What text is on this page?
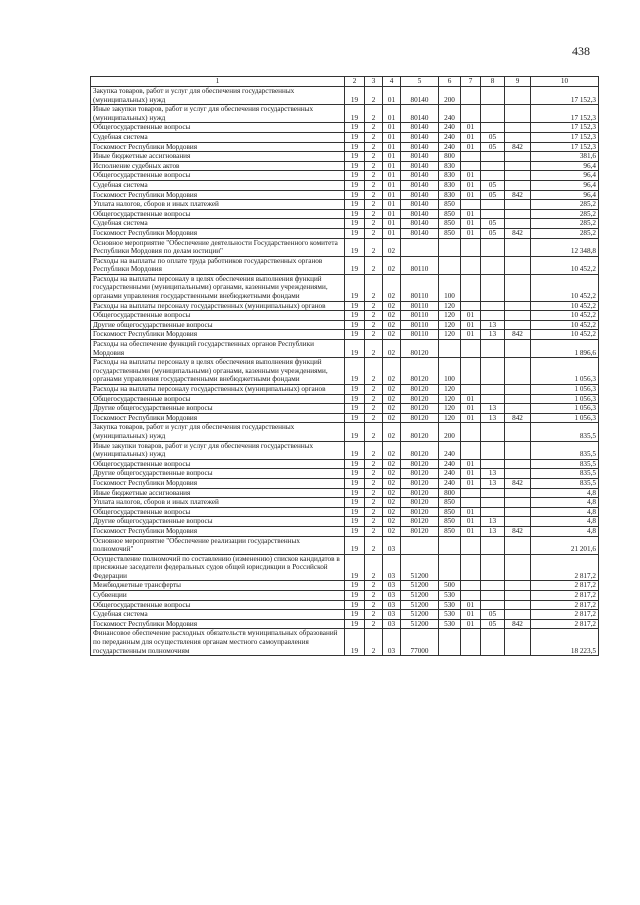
438
1	2	3	4	5	6	7	8	9	10
Закупка товаров, работ и услуг для обеспечения государственных (муниципальных) нужд	19	2	01	80140	200				17 152,3
Иные закупки товаров, работ и услуг для обеспечения государственных (муниципальных) нужд	19	2	01	80140	240				17 152,3
Общегосударственные вопросы	19	2	01	80140	240	01			17 152,3
Судебная система	19	2	01	80140	240	01	05		17 152,3
Госкомюст Республики Мордовия	19	2	01	80140	240	01	05	842	17 152,3
Иные бюджетные ассигнования	19	2	01	80140	800				381,6
Исполнение судебных актов	19	2	01	80140	830				96,4
Общегосударственные вопросы	19	2	01	80140	830	01			96,4
Судебная система	19	2	01	80140	830	01	05		96,4
Госкомюст Республики Мордовия	19	2	01	80140	830	01	05	842	96,4
Уплата налогов, сборов и иных платежей	19	2	01	80140	850				285,2
Общегосударственные вопросы	19	2	01	80140	850	01			285,2
Судебная система	19	2	01	80140	850	01	05		285,2
Госкомюст Республики Мордовия	19	2	01	80140	850	01	05	842	285,2
Основное мероприятие "Обеспечение деятельности Государственного комитета Республики Мордовия по делам юстиции"	19	2	02						12 348,8
Расходы на выплаты по оплате труда работников государственных органов Республики Мордовия	19	2	02	80110					10 452,2
Расходы на выплаты персоналу в целях обеспечения выполнения функций государственными (муниципальными) органами, казенными учреждениями, органами управления государственными внебюджетными фондами	19	2	02	80110	100				10 452,2
Расходы на выплаты персоналу государственных (муниципальных) органов	19	2	02	80110	120				10 452,2
Общегосударственные вопросы	19	2	02	80110	120	01			10 452,2
Другие общегосударственные вопросы	19	2	02	80110	120	01	13		10 452,2
Госкомюст Республики Мордовия	19	2	02	80110	120	01	13	842	10 452,2
Расходы на обеспечение функций государственных органов Республики Мордовия	19	2	02	80120					1 896,6
Расходы на выплаты персоналу в целях обеспечения выполнения функций государственными (муниципальными) органами, казенными учреждениями, органами управления государственными внебюджетными фондами	19	2	02	80120	100				1 056,3
Расходы на выплаты персоналу государственных (муниципальных) органов	19	2	02	80120	120				1 056,3
Общегосударственные вопросы	19	2	02	80120	120	01			1 056,3
Другие общегосударственные вопросы	19	2	02	80120	120	01	13		1 056,3
Госкомюст Республики Мордовия	19	2	02	80120	120	01	13	842	1 056,3
Закупка товаров, работ и услуг для обеспечения государственных (муниципальных) нужд	19	2	02	80120	200				835,5
Иные закупки товаров, работ и услуг для обеспечения государственных (муниципальных) нужд	19	2	02	80120	240				835,5
Общегосударственные вопросы	19	2	02	80120	240	01			835,5
Другие общегосударственные вопросы	19	2	02	80120	240	01	13		835,5
Госкомюст Республики Мордовия	19	2	02	80120	240	01	13	842	835,5
Иные бюджетные ассигнования	19	2	02	80120	800				4,8
Уплата налогов, сборов и иных платежей	19	2	02	80120	850				4,8
Общегосударственные вопросы	19	2	02	80120	850	01			4,8
Другие общегосударственные вопросы	19	2	02	80120	850	01	13		4,8
Госкомюст Республики Мордовия	19	2	02	80120	850	01	13	842	4,8
Основное мероприятие "Обеспечение реализации государственных полномочий"	19	2	03						21 201,6
Осуществление полномочий по составлению (изменению) списков кандидатов в присяжные заседатели федеральных судов общей юрисдикции в Российской Федерации	19	2	03	51200					2 817,2
Межбюджетные трансферты	19	2	03	51200	500				2 817,2
Субвенции	19	2	03	51200	530				2 817,2
Общегосударственные вопросы	19	2	03	51200	530	01			2 817,2
Судебная система	19	2	03	51200	530	01	05		2 817,2
Госкомюст Республики Мордовия	19	2	03	51200	530	01	05	842	2 817,2
Финансовое обеспечение расходных обязательств муниципальных образований по переданным для осуществления органам местного самоуправления государственным полномочиям	19	2	03	77000					18 223,5
